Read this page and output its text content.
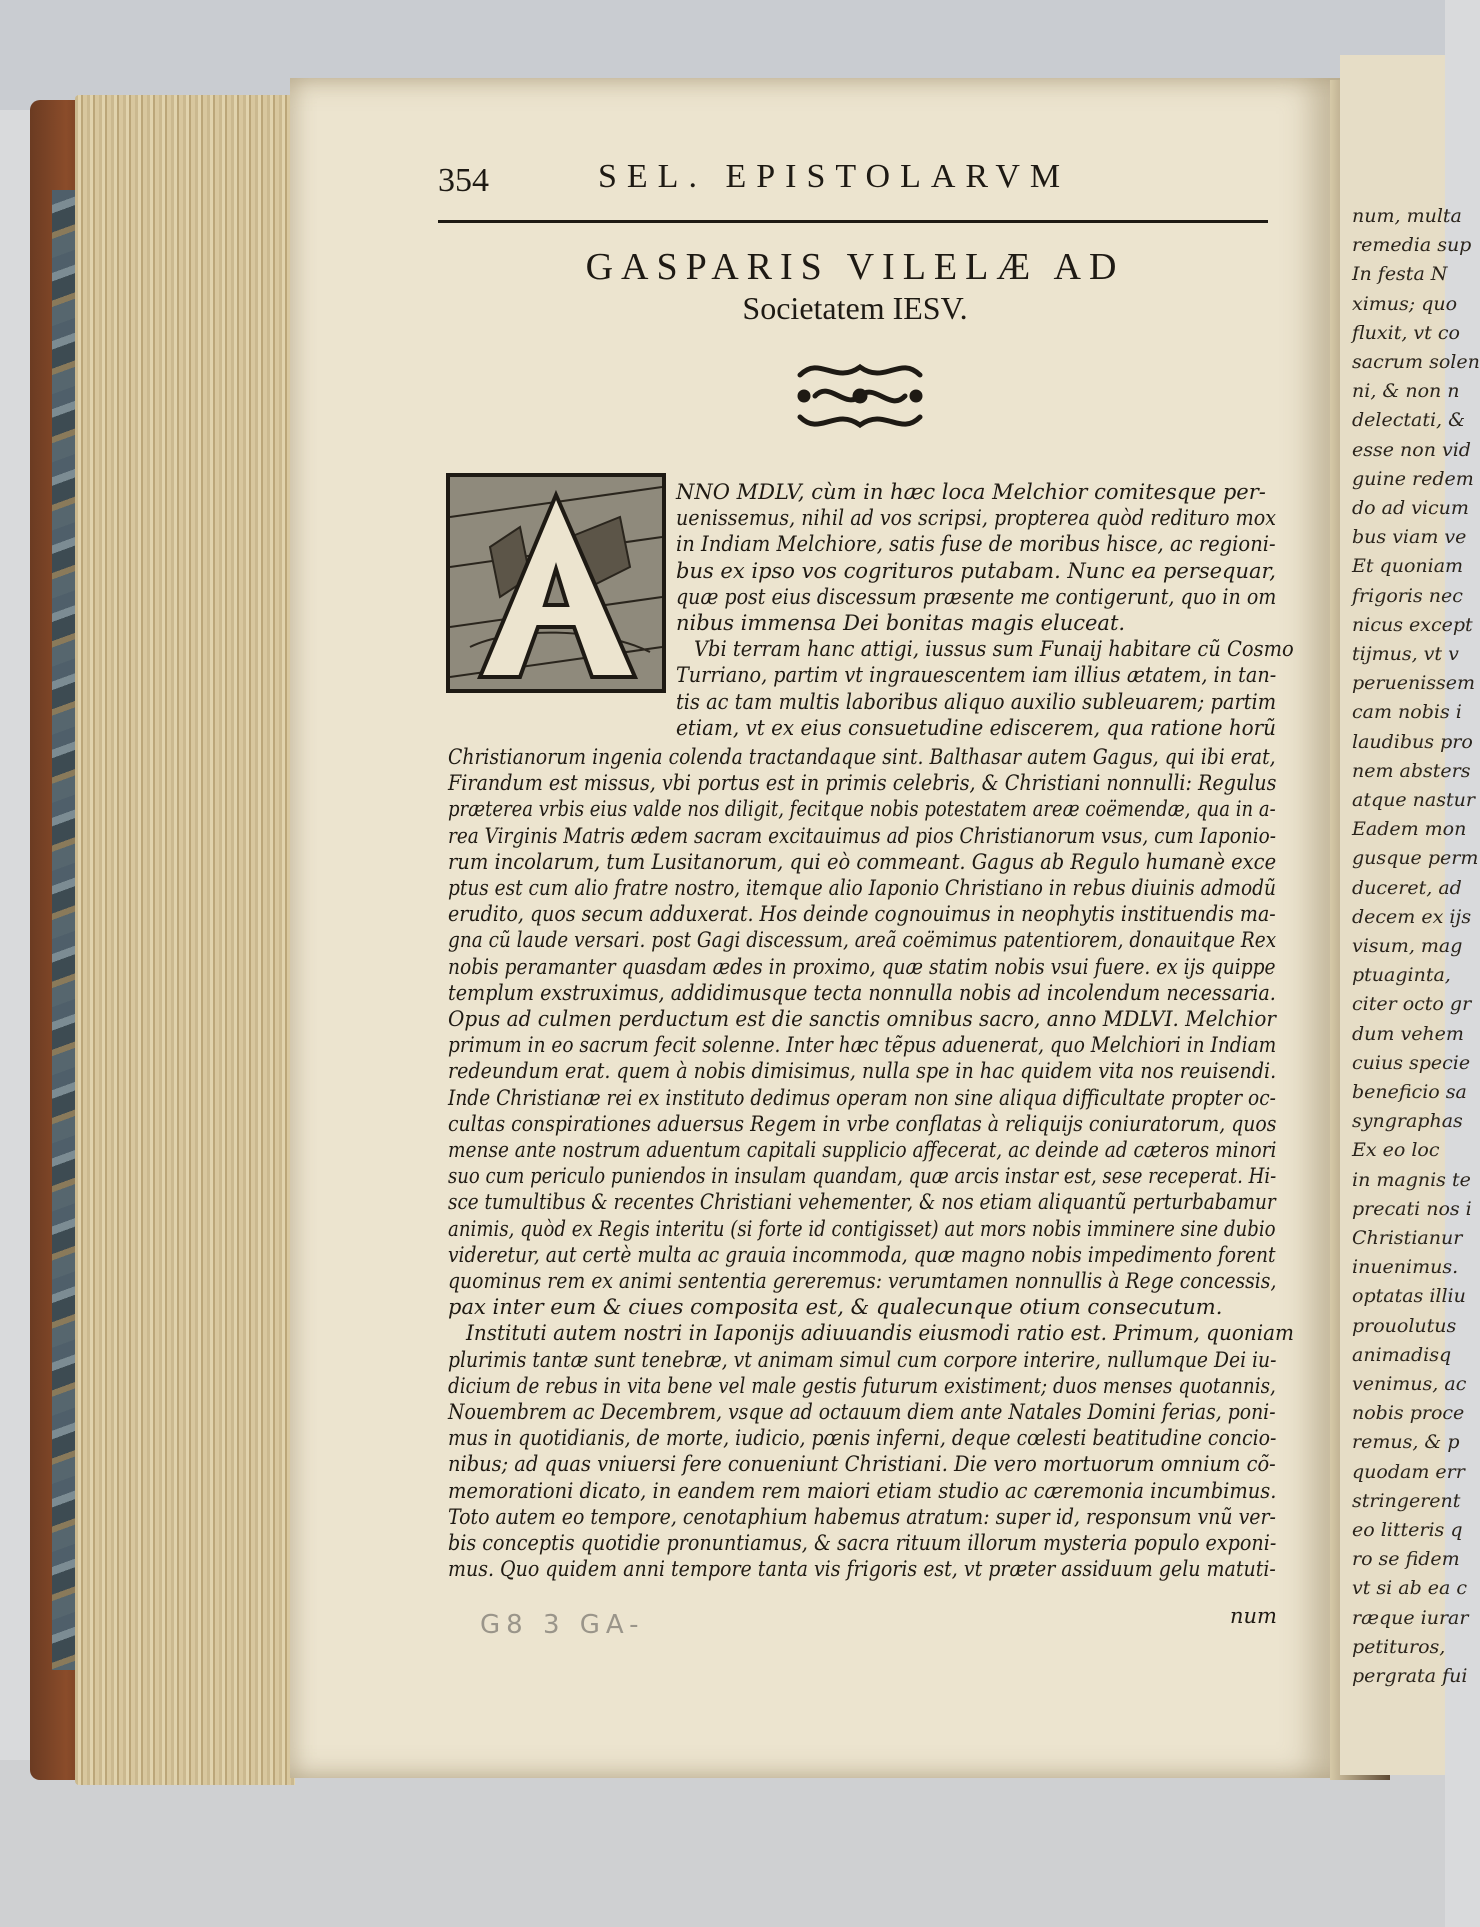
num, multa
remedia sup
In festa N
ximus; quo
fluxit, vt co
sacrum solen
ni, & non n
delectati, &
esse non vid
guine redem
do ad vicum
bus viam ve
Et quoniam
frigoris nec
nicus except
tijmus, vt v
peruenissem
cam nobis i
laudibus pro
nem absters
atque nastur
Eadem mon
gusque perm
duceret, ad
decem ex ijs
visum, mag
ptuaginta,
citer octo gr
dum vehem
cuius specie
beneficio sa
syngraphas
Ex eo loc
in magnis te
precati nos i
Christianur
inuenimus.
optatas illiu
prouolutus
animadisq
venimus, ac
nobis proce
remus, & p
quodam err
stringerent
eo litteris q
ro se fidem
vt si ab ea c
ræque iurar
petituros,
pergrata fui
354	SEL. EPISTOLARVM
GASPARIS VILELÆ AD
Societatem IESV.
NNO MDLV, cùm in hæc loca Melchior comitesque per-
uenissemus, nihil ad vos scripsi, propterea quòd redituro mox
in Indiam Melchiore, satis fuse de moribus hisce, ac regioni-
bus ex ipso vos cogrituros putabam. Nunc ea persequar,
quæ post eius discessum præsente me contigerunt, quo in om
nibus immensa Dei bonitas magis eluceat.
Vbi terram hanc attigi, iussus sum Funaij habitare cũ Cosmo
Turriano, partim vt ingrauescentem iam illius ætatem, in tan-
tis ac tam multis laboribus aliquo auxilio subleuarem; partim
etiam, vt ex eius consuetudine ediscerem, qua ratione horũ
Christianorum ingenia colenda tractandaque sint. Balthasar autem Gagus, qui ibi erat,
Firandum est missus, vbi portus est in primis celebris, & Christiani nonnulli: Regulus
præterea vrbis eius valde nos diligit, fecitque nobis potestatem areæ coëmendæ, qua in a-
rea Virginis Matris ædem sacram excitauimus ad pios Christianorum vsus, cum Iaponio-
rum incolarum, tum Lusitanorum, qui eò commeant. Gagus ab Regulo humanè exce
ptus est cum alio fratre nostro, itemque alio Iaponio Christiano in rebus diuinis admodũ
erudito, quos secum adduxerat. Hos deinde cognouimus in neophytis instituendis ma-
gna cũ laude versari. post Gagi discessum, areã coëmimus patentiorem, donauitque Rex
nobis peramanter quasdam ædes in proximo, quæ statim nobis vsui fuere. ex ijs quippe
templum exstruximus, addidimusque tecta nonnulla nobis ad incolendum necessaria.
Opus ad culmen perductum est die sanctis omnibus sacro, anno MDLVI. Melchior
primum in eo sacrum fecit solenne. Inter hæc tẽpus aduenerat, quo Melchiori in Indiam
redeundum erat. quem à nobis dimisimus, nulla spe in hac quidem vita nos reuisendi.
Inde Christianæ rei ex instituto dedimus operam non sine aliqua difficultate propter oc-
cultas conspirationes aduersus Regem in vrbe conflatas à reliquijs coniuratorum, quos
mense ante nostrum aduentum capitali supplicio affecerat, ac deinde ad cæteros minori
suo cum periculo puniendos in insulam quandam, quæ arcis instar est, sese receperat. Hi-
sce tumultibus & recentes Christiani vehementer, & nos etiam aliquantũ perturbabamur
animis, quòd ex Regis interitu (si forte id contigisset) aut mors nobis imminere sine dubio
videretur, aut certè multa ac grauia incommoda, quæ magno nobis impedimento forent
quominus rem ex animi sententia gereremus: verumtamen nonnullis à Rege concessis,
pax inter eum & ciues composita est, & qualecunque otium consecutum.
Instituti autem nostri in Iaponijs adiuuandis eiusmodi ratio est. Primum, quoniam
plurimis tantæ sunt tenebræ, vt animam simul cum corpore interire, nullumque Dei iu-
dicium de rebus in vita bene vel male gestis futurum existiment; duos menses quotannis,
Nouembrem ac Decembrem, vsque ad octauum diem ante Natales Domini ferias, poni-
mus in quotidianis, de morte, iudicio, pœnis inferni, deque cœlesti beatitudine concio-
nibus; ad quas vniuersi fere conueniunt Christiani. Die vero mortuorum omnium cõ-
memorationi dicato, in eandem rem maiori etiam studio ac cæremonia incumbimus.
Toto autem eo tempore, cenotaphium habemus atratum: super id, responsum vnũ ver-
bis conceptis quotidie pronuntiamus, & sacra rituum illorum mysteria populo exponi-
mus. Quo quidem anni tempore tanta vis frigoris est, vt præter assiduum gelu matuti-
num
G8 3 GA-
